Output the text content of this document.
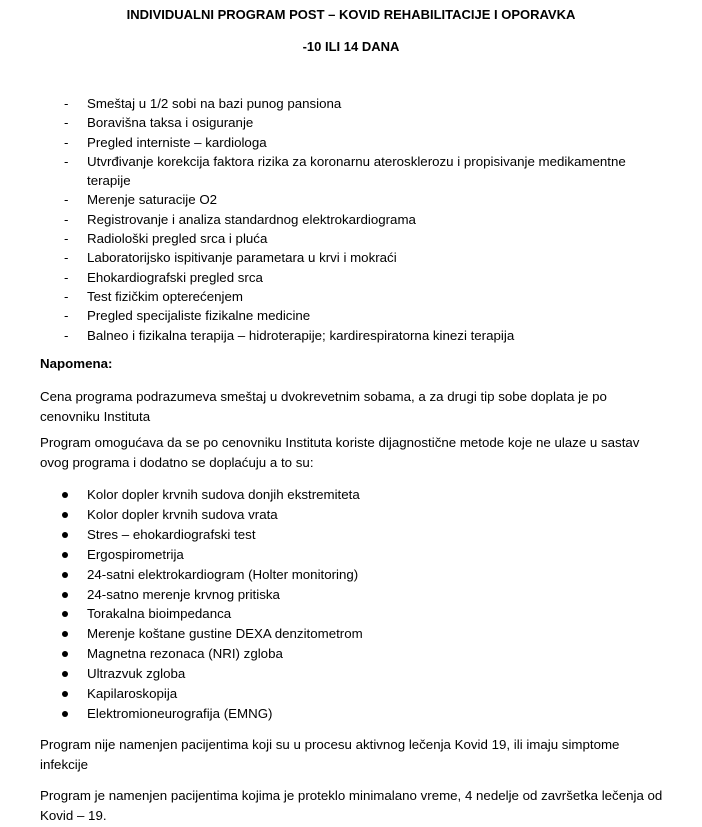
INDIVIDUALNI PROGRAM POST – KOVID REHABILITACIJE I OPORAVKA
-10 ILI 14 DANA
- Smeštaj u 1/2 sobi na bazi punog pansiona
- Boravišna taksa i osiguranje
- Pregled interniste – kardiologa
- Utvrđivanje korekcija faktora rizika za koronarnu aterosklerozu i propisivanje medikamentne terapije
- Merenje saturacije O2
- Registrovanje i analiza standardnog elektrokardiograma
- Radiološki pregled srca i pluća
- Laboratorijsko ispitivanje parametara u krvi i mokraći
- Ehokardiografski pregled srca
- Test fizičkim opterećenjem
- Pregled specijaliste fizikalne medicine
- Balneo i fizikalna terapija – hidroterapije; kardirespiratorna kinezi terapija
Napomena:
Cena programa podrazumeva smeštaj u dvokrevetnim sobama, a za drugi tip sobe doplata je po cenovniku Instituta
Program omogućava da se po cenovniku Instituta koriste dijagnostične metode koje ne ulaze u sastav ovog programa i dodatno se doplaćuju a to su:
Kolor dopler krvnih sudova donjih ekstremiteta
Kolor dopler krvnih sudova vrata
Stres – ehokardiografski test
Ergospirometrija
24-satni elektrokardiogram (Holter monitoring)
24-satno merenje krvnog pritiska
Torakalna bioimpedanca
Merenje koštane gustine DEXA denzitometrom
Magnetna rezonaca (NRI) zgloba
Ultrazvuk zgloba
Kapilaroskopija
Elektromioneurografija (EMNG)
Program nije namenjen pacijentima koji su u procesu aktivnog lečenja Kovid 19, ili imaju simptome infekcije
Program je namenjen pacijentima kojima je proteklo minimalano vreme, 4 nedelje od završetka lečenja od Kovid – 19.
